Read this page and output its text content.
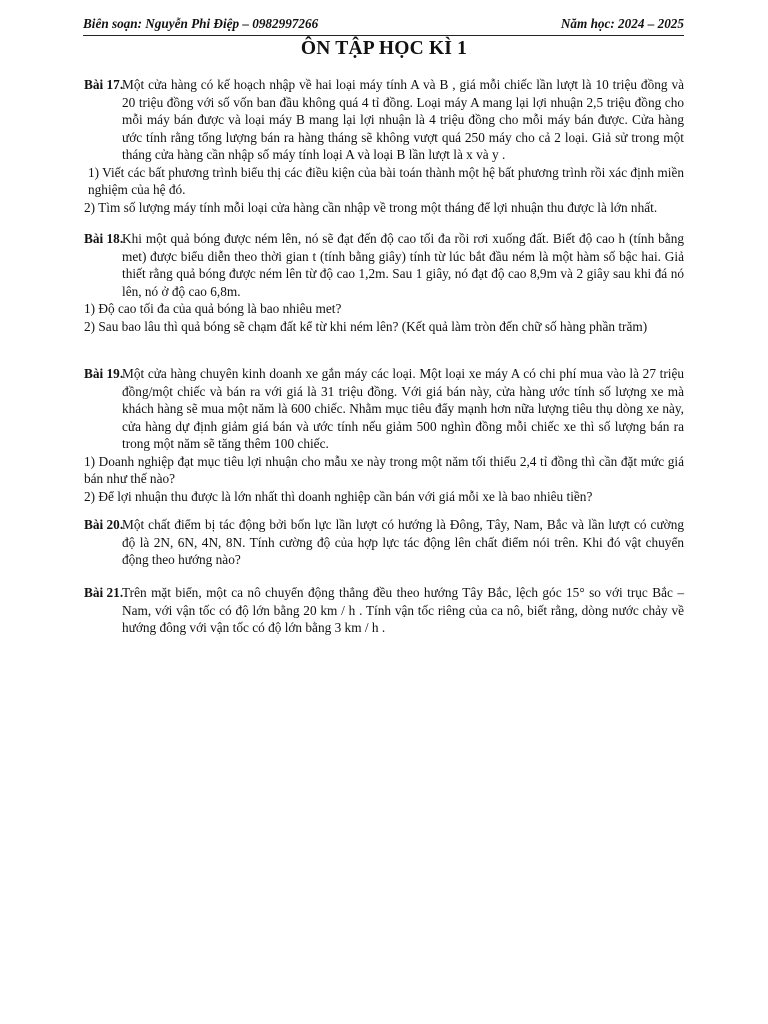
Biên soạn: Nguyễn Phi Điệp – 0982997266	Năm học: 2024 – 2025
ÔN TẬP HỌC KÌ 1
Bài 17.

Một cửa hàng có kế hoạch nhập về hai loại máy tính A và B , giá mỗi chiếc lần lượt là 10 triệu đồng và 20 triệu đồng với số vốn ban đầu không quá 4 tỉ đồng. Loại máy A mang lại lợi nhuận 2,5 triệu đồng cho mỗi máy bán được và loại máy B mang lại lợi nhuận là 4 triệu đồng cho mỗi máy bán được. Cửa hàng ước tính rằng tổng lượng bán ra hàng tháng sẽ không vượt quá 250 máy cho cả 2 loại. Giả sử trong một tháng cửa hàng cần nhập số máy tính loại A và loại B lần lượt là x và y .

1) Viết các bất phương trình biểu thị các điều kiện của bài toán thành một hệ bất phương trình rồi xác định miền nghiệm của hệ đó.

2) Tìm số lượng máy tính mỗi loại cửa hàng cần nhập về trong một tháng để lợi nhuận thu được là lớn nhất.

Bài 18.

Khi một quả bóng được ném lên, nó sẽ đạt đến độ cao tối đa rồi rơi xuống đất. Biết độ cao h (tính bằng met) được biểu diễn theo thời gian t (tính bằng giây) tính từ lúc bắt đầu ném là một hàm số bậc hai. Giả thiết rằng quả bóng được ném lên từ độ cao 1,2m. Sau 1 giây, nó đạt độ cao 8,9m và 2 giây sau khi đá nó lên, nó ở độ cao 6,8m.

1) Độ cao tối đa của quả bóng là bao nhiêu met?

2) Sau bao lâu thì quả bóng sẽ chạm đất kể từ khi ném lên? (Kết quả làm tròn đến chữ số hàng phần trăm)

Bài 19.

Một cửa hàng chuyên kinh doanh xe gắn máy các loại. Một loại xe máy A có chi phí mua vào là 27 triệu đồng/một chiếc và bán ra với giá là 31 triệu đồng. Với giá bán này, cửa hàng ước tính số lượng xe mà khách hàng sẽ mua một năm là 600 chiếc. Nhằm mục tiêu đẩy mạnh hơn nữa lượng tiêu thụ dòng xe này, cửa hàng dự định giảm giá bán và ước tính nếu giảm 500 nghìn đồng mỗi chiếc xe thì số lượng bán ra trong một năm sẽ tăng thêm 100 chiếc.

1) Doanh nghiệp đạt mục tiêu lợi nhuận cho mẫu xe này trong một năm tối thiểu 2,4 tỉ đồng thì cần đặt mức giá bán như thế nào?

2) Để lợi nhuận thu được là lớn nhất thì doanh nghiệp cần bán với giá mỗi xe là bao nhiêu tiền?

Bài 20.

Một chất điểm bị tác động bởi bốn lực lần lượt có hướng là Đông, Tây, Nam, Bắc và lần lượt có cường độ là 2N, 6N, 4N, 8N. Tính cường độ của hợp lực tác động lên chất điểm nói trên. Khi đó vật chuyển động theo hướng nào?

Bài 21.

Trên mặt biển, một ca nô chuyển động thẳng đều theo hướng Tây Bắc, lệch góc 15° so với trục Bắc – Nam, với vận tốc có độ lớn bằng 20 km / h . Tính vận tốc riêng của ca nô, biết rằng, dòng nước chảy về hướng đông với vận tốc có độ lớn bằng 3 km / h .
